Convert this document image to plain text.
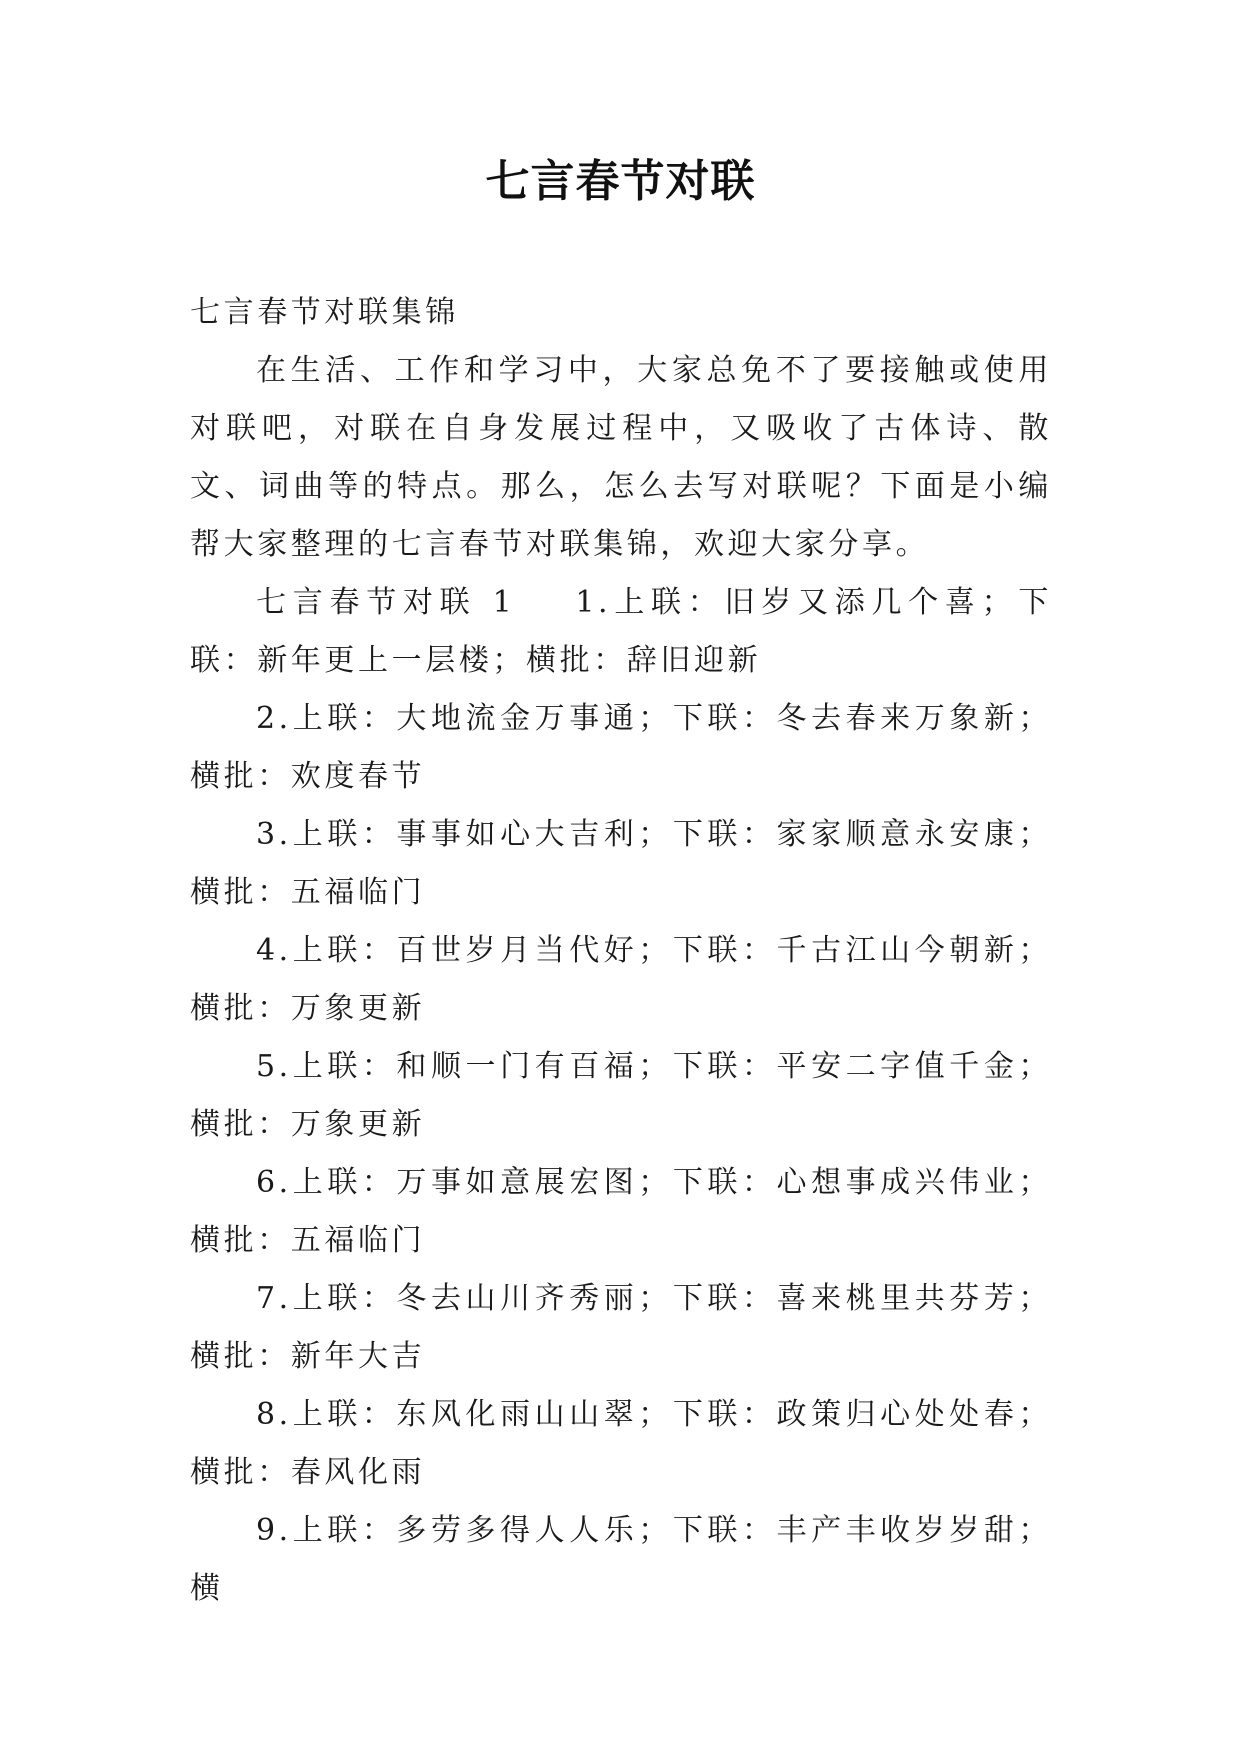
七言春节对联

七言春节对联集锦

在生活、工作和学习中，大家总免不了要接触或使用对联吧，对联在自身发展过程中，又吸收了古体诗、散文、词曲等的特点。那么，怎么去写对联呢？下面是小编帮大家整理的七言春节对联集锦，欢迎大家分享。

七言春节对联 1 1.上联：旧岁又添几个喜；下联：新年更上一层楼；横批：辞旧迎新

2.上联：大地流金万事通；下联：冬去春来万象新；横批：欢度春节

3.上联：事事如心大吉利；下联：家家顺意永安康；横批：五福临门

4.上联：百世岁月当代好；下联：千古江山今朝新；横批：万象更新

5.上联：和顺一门有百福；下联：平安二字值千金；横批：万象更新

6.上联：万事如意展宏图；下联：心想事成兴伟业；横批：五福临门

7.上联：冬去山川齐秀丽；下联：喜来桃里共芬芳；横批：新年大吉

8.上联：东风化雨山山翠；下联：政策归心处处春；横批：春风化雨

9.上联：多劳多得人人乐；下联：丰产丰收岁岁甜；横
